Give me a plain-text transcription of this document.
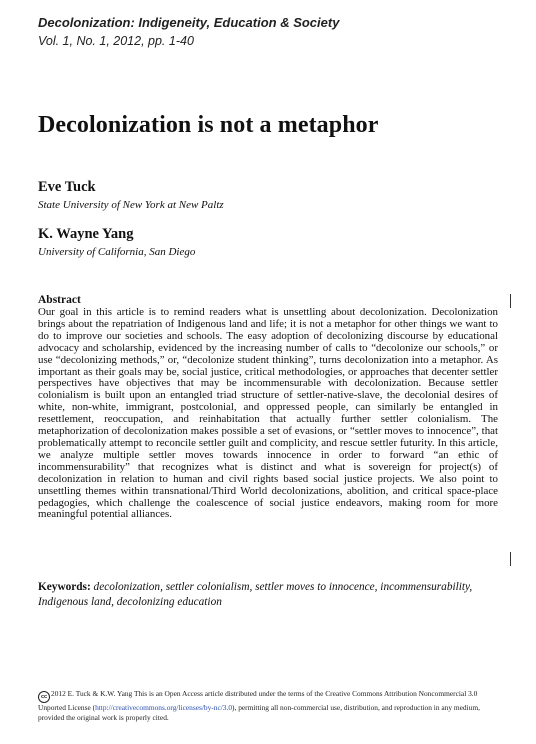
Decolonization: Indigeneity, Education & Society
Vol. 1, No. 1, 2012, pp. 1-40
Decolonization is not a metaphor
Eve Tuck
State University of New York at New Paltz
K. Wayne Yang
University of California, San Diego
Abstract
Our goal in this article is to remind readers what is unsettling about decolonization. Decolonization brings about the repatriation of Indigenous land and life; it is not a metaphor for other things we want to do to improve our societies and schools. The easy adoption of decolonizing discourse by educational advocacy and scholarship, evidenced by the increasing number of calls to “decolonize our schools,” or use “decolonizing methods,” or, “decolonize student thinking”, turns decolonization into a metaphor. As important as their goals may be, social justice, critical methodologies, or approaches that decenter settler perspectives have objectives that may be incommensurable with decolonization. Because settler colonialism is built upon an entangled triad structure of settler-native-slave, the decolonial desires of white, non-white, immigrant, postcolonial, and oppressed people, can similarly be entangled in resettlement, reoccupation, and reinhabitation that actually further settler colonialism. The metaphorization of decolonization makes possible a set of evasions, or “settler moves to innocence”, that problematically attempt to reconcile settler guilt and complicity, and rescue settler futurity. In this article, we analyze multiple settler moves towards innocence in order to forward “an ethic of incommensurability” that recognizes what is distinct and what is sovereign for project(s) of decolonization in relation to human and civil rights based social justice projects. We also point to unsettling themes within transnational/Third World decolonizations, abolition, and critical space-place pedagogies, which challenge the coalescence of social justice endeavors, making room for more meaningful potential alliances.
Keywords: decolonization, settler colonialism, settler moves to innocence, incommensurability, Indigenous land, decolonizing education
cc 2012 E. Tuck & K.W. Yang This is an Open Access article distributed under the terms of the Creative Commons Attribution Noncommercial 3.0 Unported License (http://creativecommons.org/licenses/by-nc/3.0), permitting all non-commercial use, distribution, and reproduction in any medium, provided the original work is properly cited.
